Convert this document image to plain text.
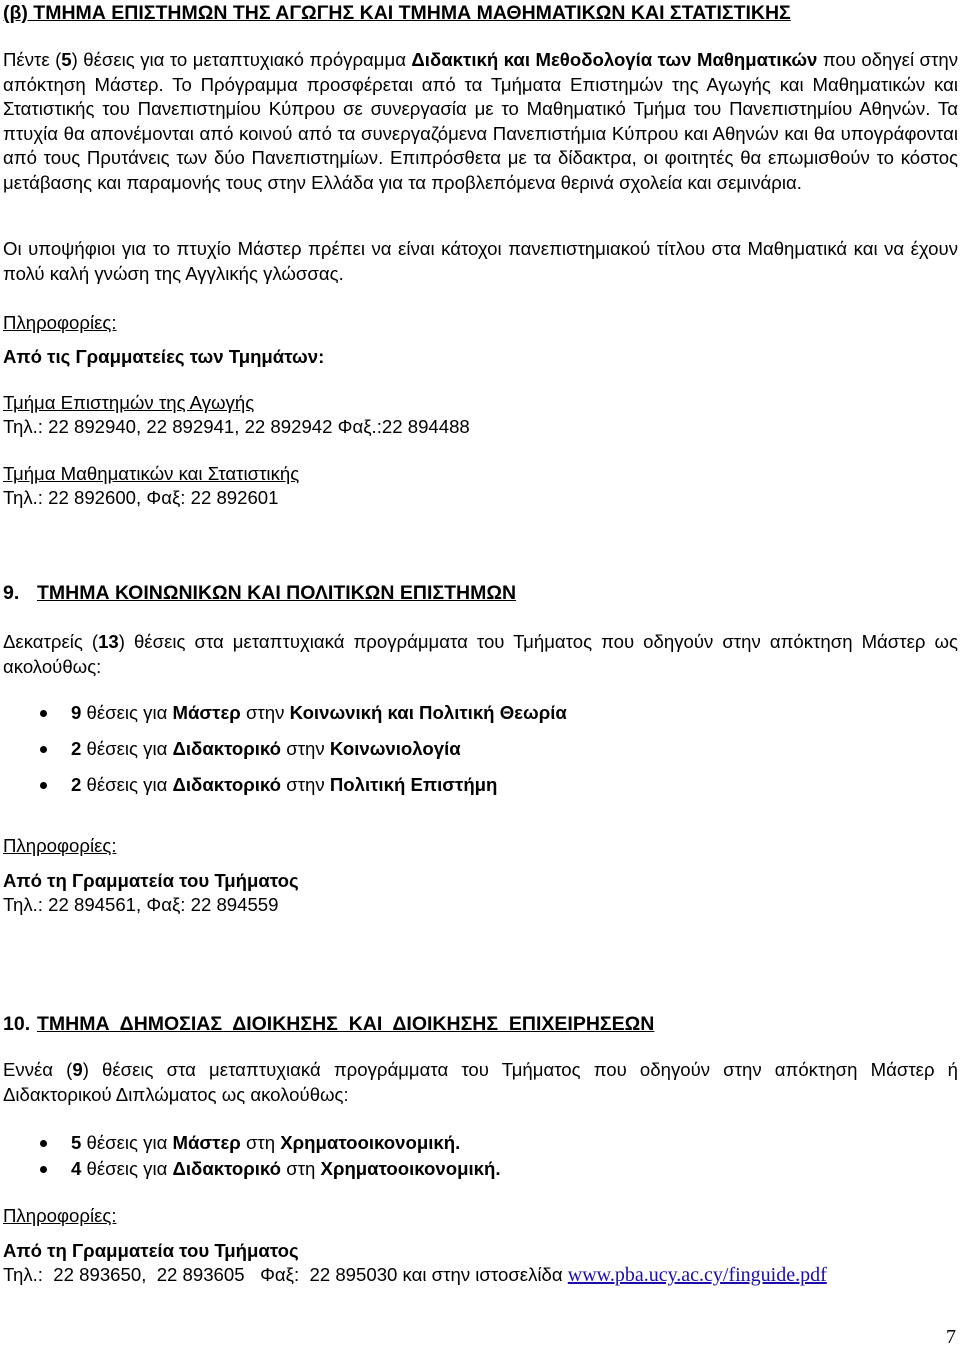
(β) ΤΜΗΜΑ ΕΠΙΣΤΗΜΩΝ ΤΗΣ ΑΓΩΓΗΣ ΚΑΙ ΤΜΗΜΑ ΜΑΘΗΜΑΤΙΚΩΝ ΚΑΙ ΣΤΑΤΙΣΤΙΚΗΣ
Πέντε (5) θέσεις για το μεταπτυχιακό πρόγραμμα Διδακτική και Μεθοδολογία των Μαθηματικών που οδηγεί στην απόκτηση Μάστερ. Το Πρόγραμμα προσφέρεται από τα Τμήματα Επιστημών της Αγωγής και Μαθηματικών και Στατιστικής του Πανεπιστημίου Κύπρου σε συνεργασία με το Μαθηματικό Τμήμα του Πανεπιστημίου Αθηνών. Τα πτυχία θα απονέμονται από κοινού από τα συνεργαζόμενα Πανεπιστήμια Κύπρου και Αθηνών και θα υπογράφονται από τους Πρυτάνεις των δύο Πανεπιστημίων. Επιπρόσθετα με τα δίδακτρα, οι φοιτητές θα επωμισθούν το κόστος μετάβασης και παραμονής τους στην Ελλάδα για τα προβλεπόμενα θερινά σχολεία και σεμινάρια.
Οι υποψήφιοι για το πτυχίο Μάστερ πρέπει να είναι κάτοχοι πανεπιστημιακού τίτλου στα Μαθηματικά και να έχουν πολύ καλή γνώση της Αγγλικής γλώσσας.
Πληροφορίες:
Από τις Γραμματείες των Τμημάτων:
Τμήμα Επιστημών της Αγωγής
Τηλ.: 22 892940, 22 892941, 22 892942 Φαξ.:22 894488
Τμήμα Μαθηματικών και Στατιστικής
Τηλ.: 22 892600, Φαξ: 22 892601
9. ΤΜΗΜΑ ΚΟΙΝΩΝΙΚΩΝ ΚΑΙ ΠΟΛΙΤΙΚΩΝ ΕΠΙΣΤΗΜΩΝ
Δεκατρείς (13) θέσεις στα μεταπτυχιακά προγράμματα του Τμήματος που οδηγούν στην απόκτηση Μάστερ ως ακολούθως:
9 θέσεις για Μάστερ στην Κοινωνική και Πολιτική Θεωρία
2 θέσεις για Διδακτορικό στην Κοινωνιολογία
2 θέσεις για Διδακτορικό στην Πολιτική Επιστήμη
Πληροφορίες:
Από τη Γραμματεία του Τμήματος
Τηλ.: 22 894561, Φαξ: 22 894559
10. ΤΜΗΜΑ  ΔΗΜΟΣΙΑΣ  ΔΙΟΙΚΗΣΗΣ  ΚΑΙ  ΔΙΟΙΚΗΣΗΣ  ΕΠΙΧΕΙΡΗΣΕΩΝ
Εννέα (9) θέσεις στα μεταπτυχιακά προγράμματα του Τμήματος που οδηγούν στην απόκτηση Μάστερ ή Διδακτορικού Διπλώματος ως ακολούθως:
5 θέσεις για Μάστερ στη Χρηματοοικονομική.
4 θέσεις για Διδακτορικό στη Χρηματοοικονομική.
Πληροφορίες:
Από τη Γραμματεία του Τμήματος
Τηλ.:  22 893650,  22 893605   Φαξ:  22 895030 και στην ιστοσελίδα www.pba.ucy.ac.cy/finguide.pdf
7
